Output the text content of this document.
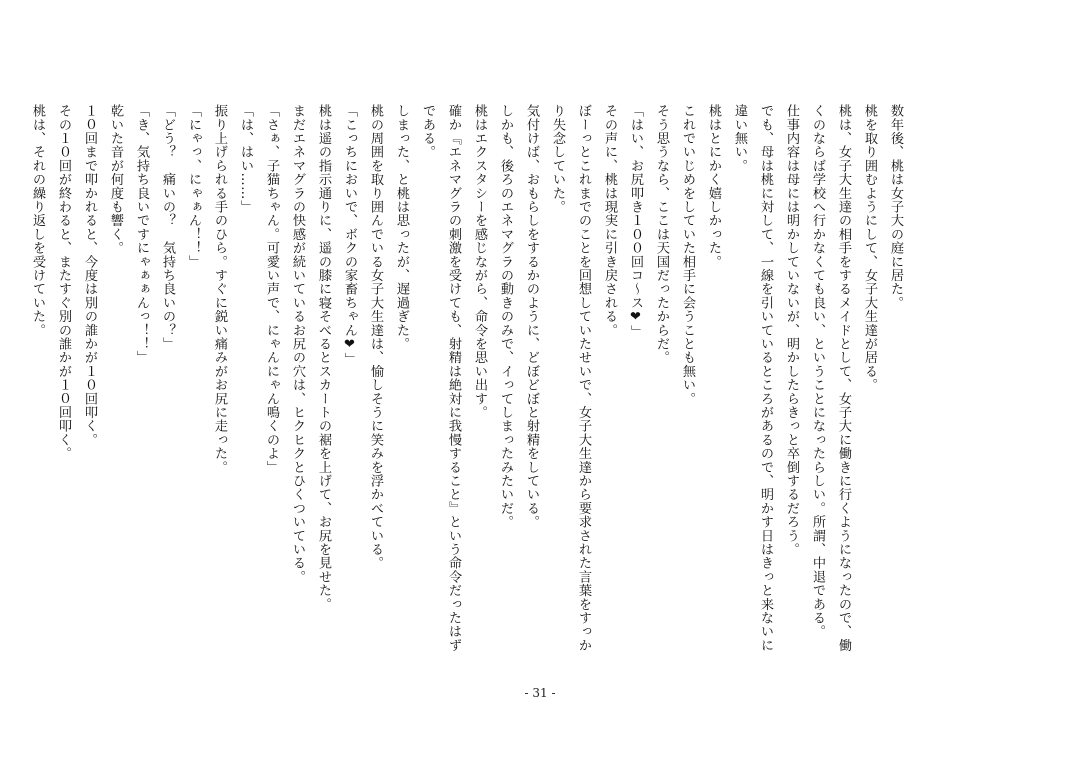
数年後、桃は女子大の庭に居た。
桃を取り囲むようにして、女子大生達が居る。
桃は、女子大生達の相手をするメイドとして、女子大に働きに行くようになったので、働
くのならば学校へ行かなくても良い、ということになったらしい。所謂、中退である。
仕事内容は母には明かしていないが、明かしたらきっと卒倒するだろう。
でも、母は桃に対して、一線を引いているところがあるので、明かす日はきっと来ないに
違い無い。
桃はとにかく嬉しかった。
これでいじめをしていた相手に会うことも無い。
そう思うなら、ここは天国だったからだ。
「はい、お尻叩き１００回コ～ス❤」
その声に、桃は現実に引き戻される。
ぼーっとこれまでのことを回想していたせいで、女子大生達から要求された言葉をすっか
り失念していた。
気付けば、おもらしをするかのように、どぼどぼと射精をしている。
しかも、後ろのエネマグラの動きのみで、イってしまったみたいだ。
桃はエクスタシーを感じながら、命令を思い出す。
確か『エネマグラの刺激を受けても、射精は絶対に我慢すること』という命令だったはず
である。
しまった、と桃は思ったが、遅過ぎた。
桃の周囲を取り囲んでいる女子大生達は、愉しそうに笑みを浮かべている。
「こっちにおいで、ボクの家畜ちゃん❤」
桃は遥の指示通りに、遥の膝に寝そべるとスカートの裾を上げて、お尻を見せた。
まだエネマグラの快感が続いているお尻の穴は、ヒクヒクとひくついている。
「さぁ、子猫ちゃん。可愛い声で、にゃんにゃん鳴くのよ」
「は、はい……」
振り上げられる手のひら。すぐに鋭い痛みがお尻に走った。
「にゃっ、にゃぁん！！」
「どう？　痛いの？　気持ち良いの？」
「き、気持ち良いですにゃぁぁんっ！！」
乾いた音が何度も響く。
１０回まで叩かれると、今度は別の誰かが１０回叩く。
その１０回が終わると、またすぐ別の誰かが１０回叩く。
桃は、それの繰り返しを受けていた。
- 31 -
